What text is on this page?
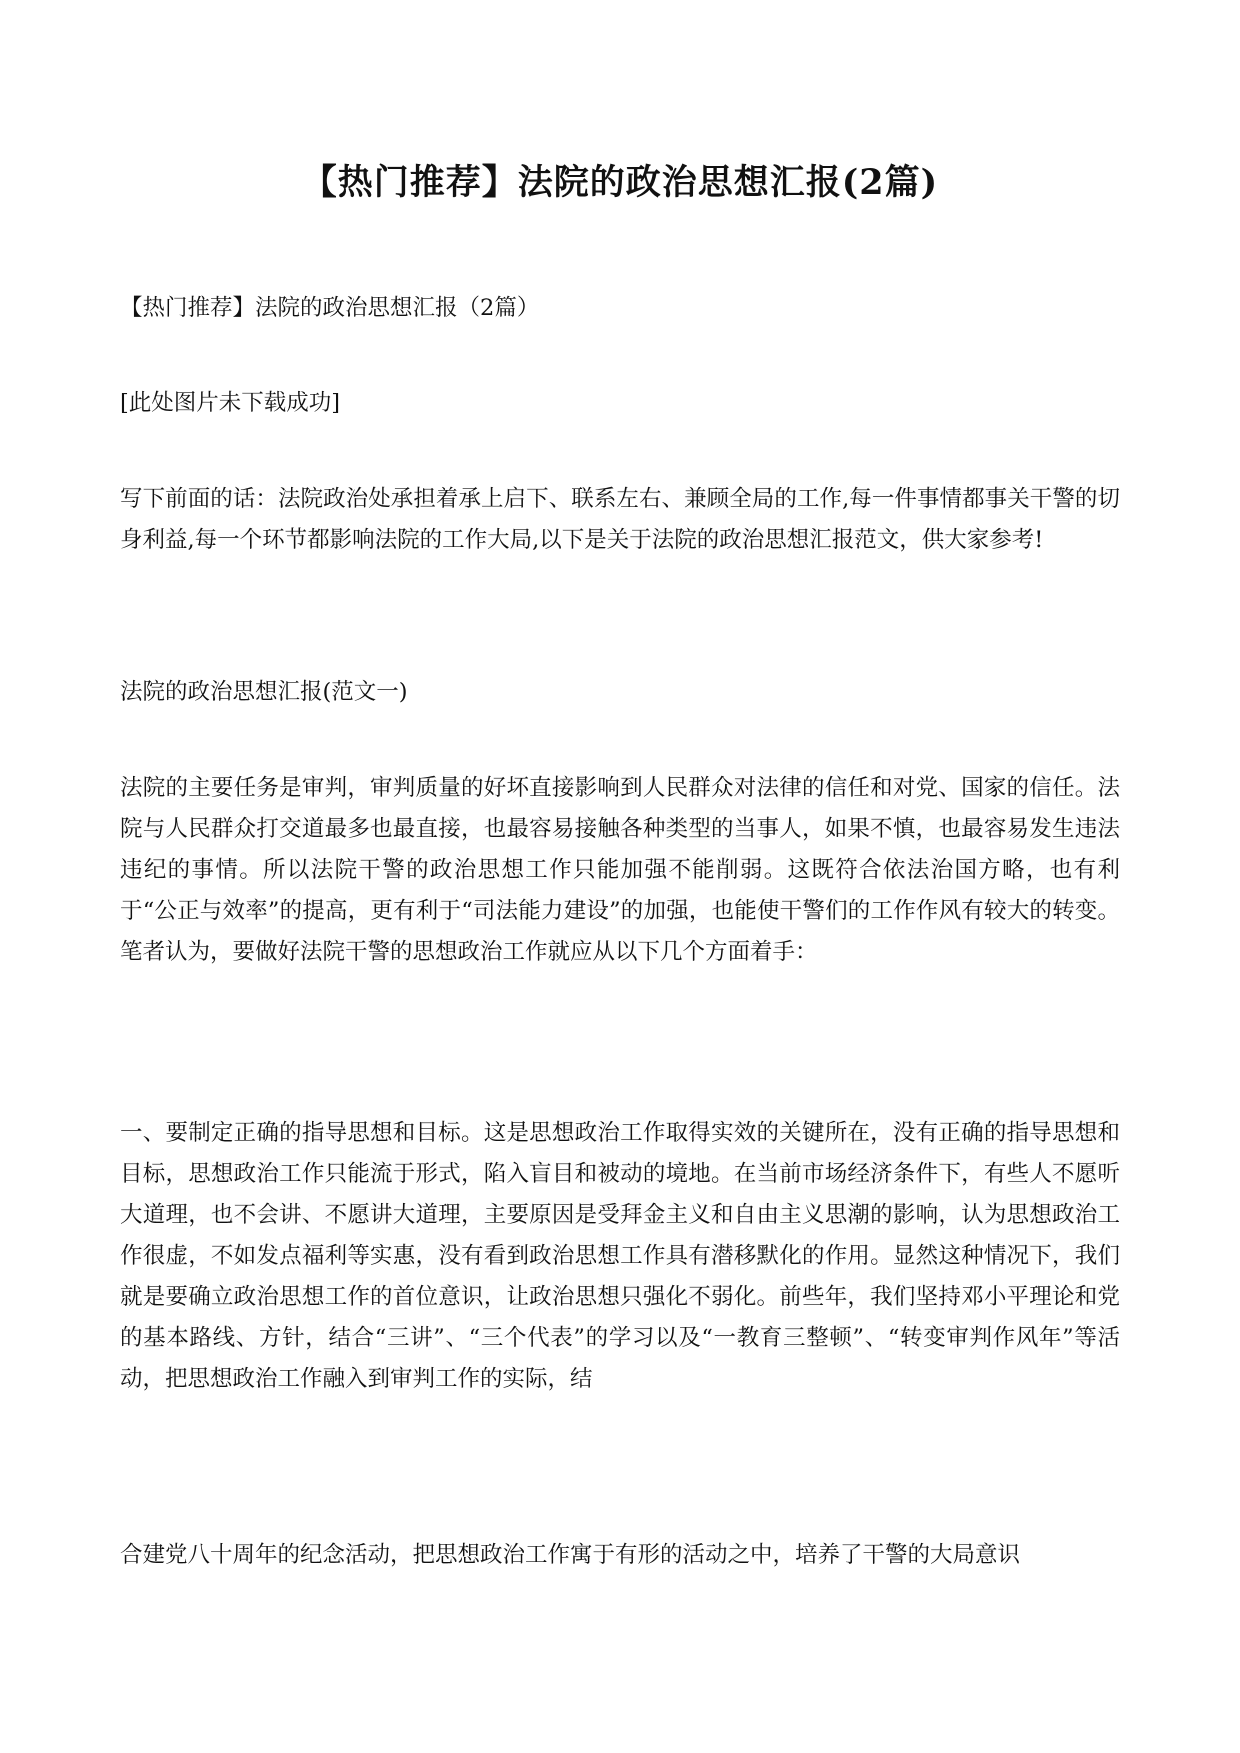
【热门推荐】法院的政治思想汇报(2篇)

【热门推荐】法院的政治思想汇报（2篇）

[此处图片未下载成功]

写下前面的话：法院政治处承担着承上启下、联系左右、兼顾全局的工作,每一件事情都事关干警的切身利益,每一个环节都影响法院的工作大局,以下是关于法院的政治思想汇报范文，供大家参考!

法院的政治思想汇报(范文一)

法院的主要任务是审判，审判质量的好坏直接影响到人民群众对法律的信任和对党、国家的信任。法院与人民群众打交道最多也最直接，也最容易接触各种类型的当事人，如果不慎，也最容易发生违法违纪的事情。所以法院干警的政治思想工作只能加强不能削弱。这既符合依法治国方略，也有利于“公正与效率”的提高，更有利于“司法能力建设”的加强，也能使干警们的工作作风有较大的转变。笔者认为，要做好法院干警的思想政治工作就应从以下几个方面着手：

一、要制定正确的指导思想和目标。这是思想政治工作取得实效的关键所在，没有正确的指导思想和目标，思想政治工作只能流于形式，陷入盲目和被动的境地。在当前市场经济条件下，有些人不愿听大道理，也不会讲、不愿讲大道理，主要原因是受拜金主义和自由主义思潮的影响，认为思想政治工作很虚，不如发点福利等实惠，没有看到政治思想工作具有潜移默化的作用。显然这种情况下，我们就是要确立政治思想工作的首位意识，让政治思想只强化不弱化。前些年，我们坚持邓小平理论和党的基本路线、方针，结合“三讲”、“三个代表”的学习以及“一教育三整顿”、“转变审判作风年”等活动，把思想政治工作融入到审判工作的实际，结

合建党八十周年的纪念活动，把思想政治工作寓于有形的活动之中，培养了干警的大局意识
